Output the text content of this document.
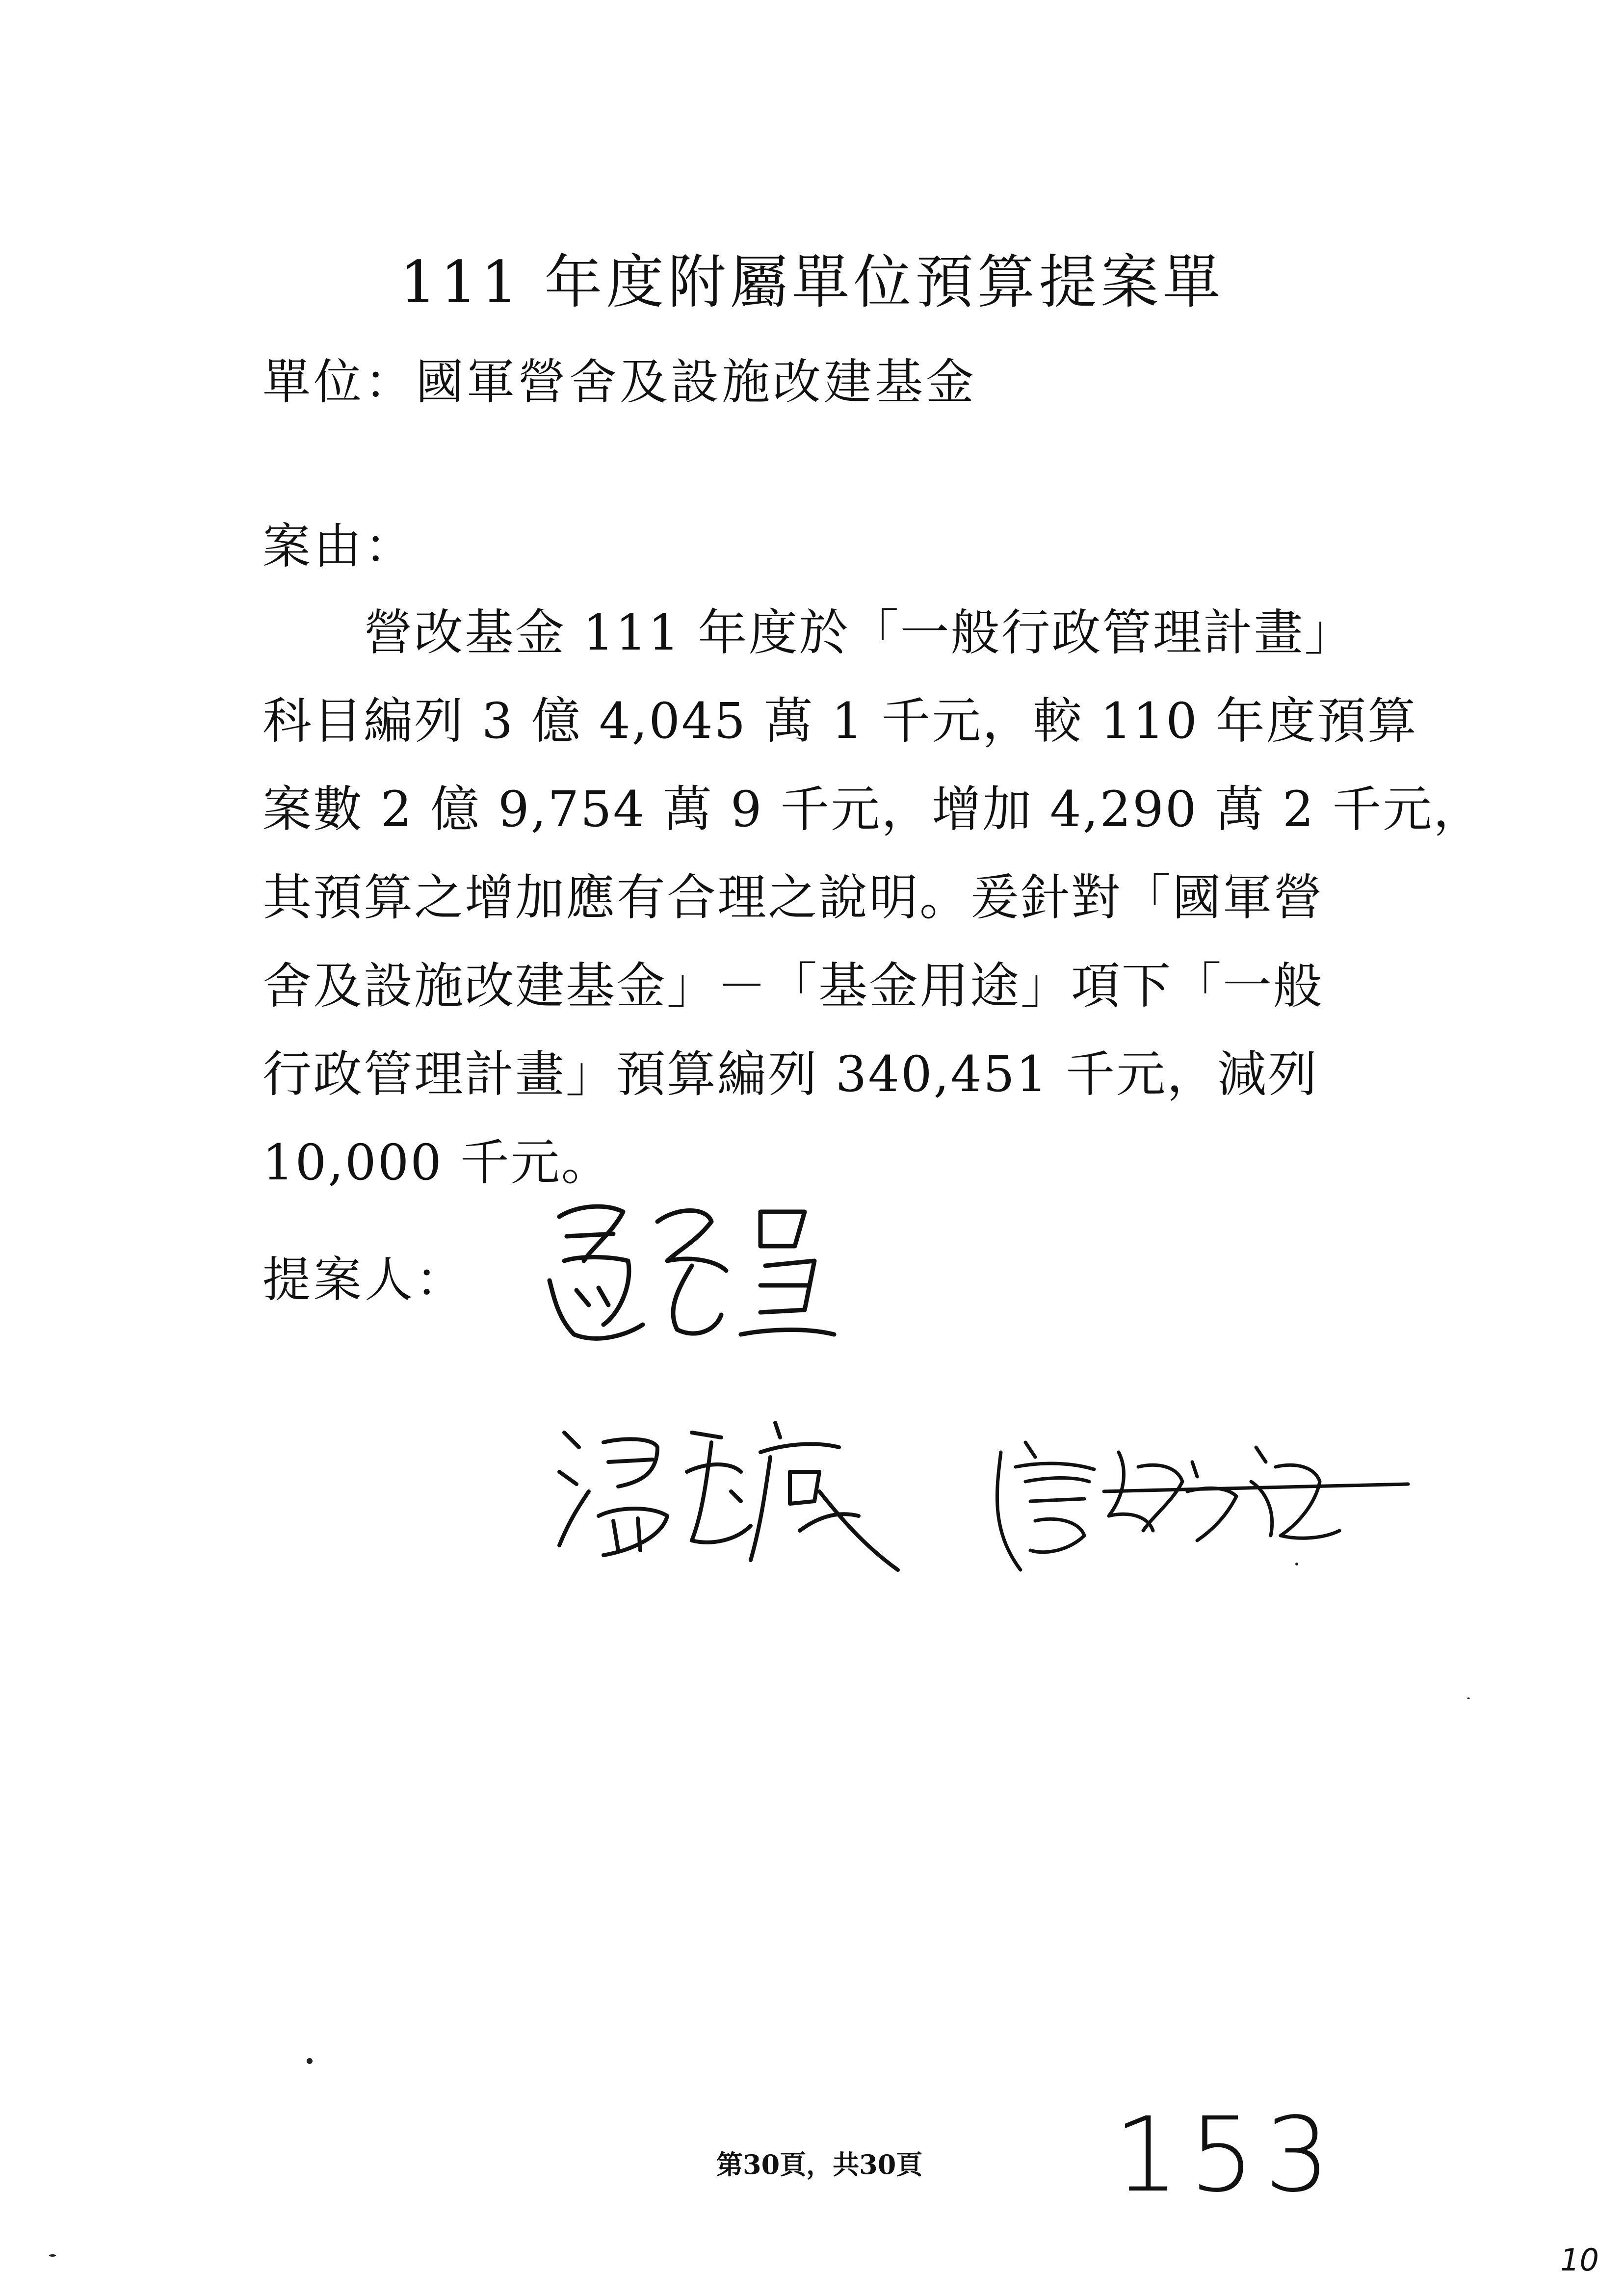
111 年度附屬單位預算提案單
單位：國軍營舍及設施改建基金
案由：
　　營改基金 111 年度於「一般行政管理計畫」
科目編列 3 億 4,045 萬 1 千元，較 110 年度預算
案數 2 億 9,754 萬 9 千元，增加 4,290 萬 2 千元，
其預算之增加應有合理之說明。爰針對「國軍營
舍及設施改建基金」－「基金用途」項下「一般
行政管理計畫」預算編列 340,451 千元，減列
10,000 千元。
提案人：
第30頁，共30頁 153
10
